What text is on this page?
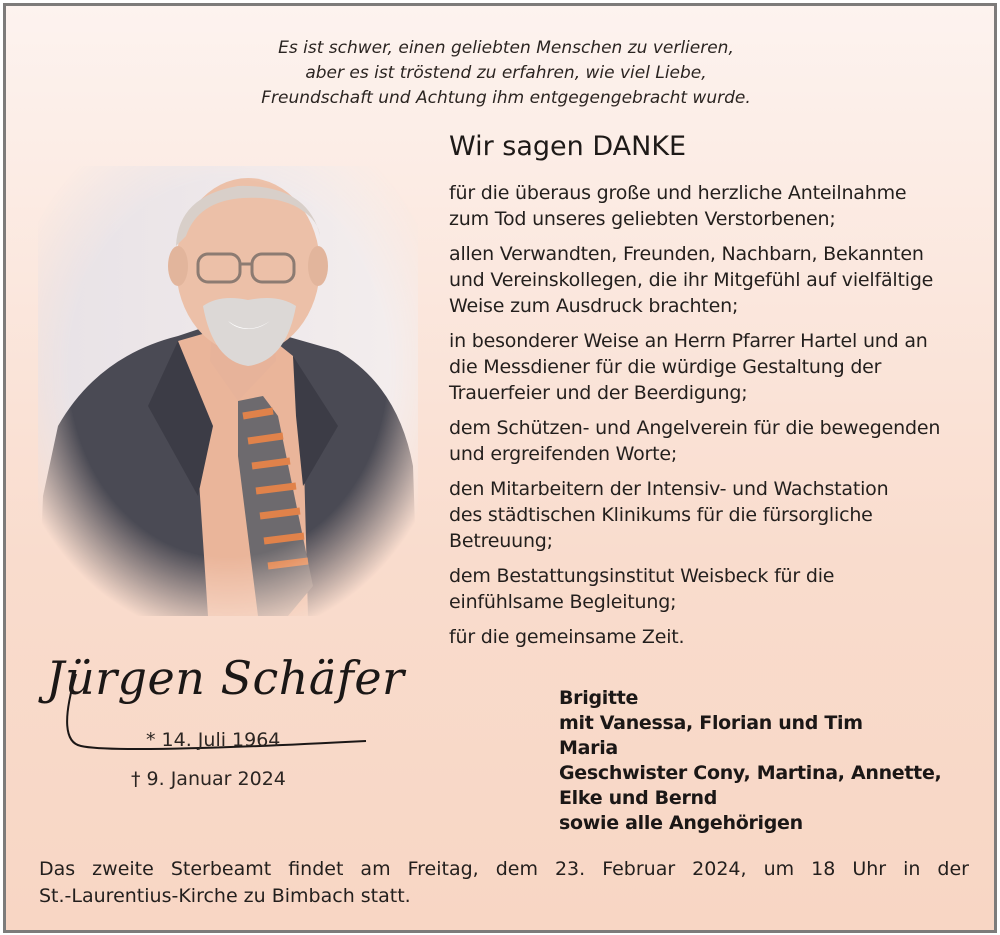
Es ist schwer, einen geliebten Menschen zu verlieren,
aber es ist tröstend zu erfahren, wie viel Liebe,
Freundschaft und Achtung ihm entgegengebracht wurde.
Wir sagen DANKE
für die überaus große und herzliche Anteilnahme
zum Tod unseres geliebten Verstorbenen;
allen Verwandten, Freunden, Nachbarn, Bekannten
und Vereinskollegen, die ihr Mitgefühl auf vielfältige
Weise zum Ausdruck brachten;
in besonderer Weise an Herrn Pfarrer Hartel und an
die Messdiener für die würdige Gestaltung der
Trauerfeier und der Beerdigung;
dem Schützen- und Angelverein für die bewegenden
und ergreifenden Worte;
den Mitarbeitern der Intensiv- und Wachstation
des städtischen Klinikums für die fürsorgliche
Betreuung;
dem Bestattungsinstitut Weisbeck für die
einfühlsame Begleitung;
für die gemeinsame Zeit.
Jürgen Schäfer
* 14. Juli 1964
† 9. Januar 2024
Brigitte
mit Vanessa, Florian und Tim
Maria
Geschwister Cony, Martina, Annette,
Elke und Bernd
sowie alle Angehörigen
Das zweite Sterbeamt findet am Freitag, dem 23. Februar 2024, um 18 Uhr in der
St.-Laurentius-Kirche zu Bimbach statt.
